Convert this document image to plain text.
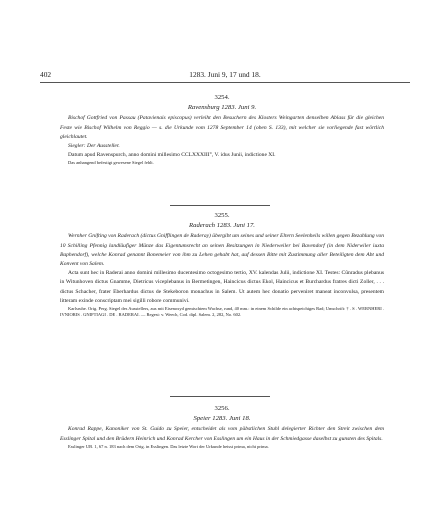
402	1283. Juni 9, 17 und 18.
3254.
Ravensburg 1283. Juni 9.

Bischof Gottfried von Passau (Patavienais episcopus) verleiht den Besuchern des Klosters Weingarten denselben Ablass für die gleichen Feste wie Bischof Wilhelm von Reggio — s. die Urkunde vom 1278 September 14 (oben S. 133), mit welcher sie vorliegende fast wörtlich gleichlautet.

Siegler: Der Aussteller.

Datum apud Ravenspurch, anno domini millesimo CCLXXXIII°, V. idus Junii, indictione XI.

Das anhangend befestigt gewesene Siegel fehlt.

3255.
Raderach 1283. Juni 17.

Wernher Gnifting von Raderach (dictus Gnifflingen de Raderay) übergibt um seines und seiner Eltern Seelenheils willen gegen Bezahlung von 10 Schilling Pfennig landläufiger Münze das Eigentumsrecht an seinen Besitzungen in Niederweiler bei Bavendorf (in dem Niderwiler iuxta Baphendorf), welche Konrad genannt Bonemeier von ihm zu Lehen gehabt hat, auf dessen Bitte mit Zustimmung aller Beteiligten dem Abt und Konvent von Salem.

Acta sunt hec in Raderai anno domini millesimo ducentesimo octogesimo tertio, XV. kalendas Julii, indictione XI. Testes: Cûnradus plebanus in Witunhoven dictus Gnamme, Dietricus viceplebanus in Bermetingen, Haincicus dictus Ekol, Haincicus et Burchardus fratres dicti Zoller, . . . dictus Schacher, frater Eberhardus dictus de Stekeboron monachus in Salem. Ut autem hec donatio perveniret maneat inconvulsa, presentem litteram exinde conscriptam mei sigilli robore communivi.

Karlsruhe. Orig. Perg. Siegel des Ausstellers, aus mit Eisenoxyd gemischtem Wachse, rund, 40 mm.: in einem Schilde ein achtspeichiges Rad; Umschrift: † . S . WERNHERI . IVNIORIS . GNIFTIAGI . DE . RADERAI. — Regest: v. Weech, Cod. dipl. Salem. 2, 282, No. 602.

3256.
Speier 1283. Juni 18.

Konrad Rappe, Kanoniker von St. Guido zu Speier, entscheidet als vom päbstlichen Stuhl delegierter Richter den Streit zwischen dem Esslinger Spital und den Brüdern Heinrich und Konrad Kercher von Esslingen um ein Haus in der Schmiedgasse daselbst zu gunsten des Spitals.

Esslinger UB. 1, 67 n. 183 nach dem Orig. in Esslingen. Das letzte Wort der Urkunde heisst prima, nicht prima.
